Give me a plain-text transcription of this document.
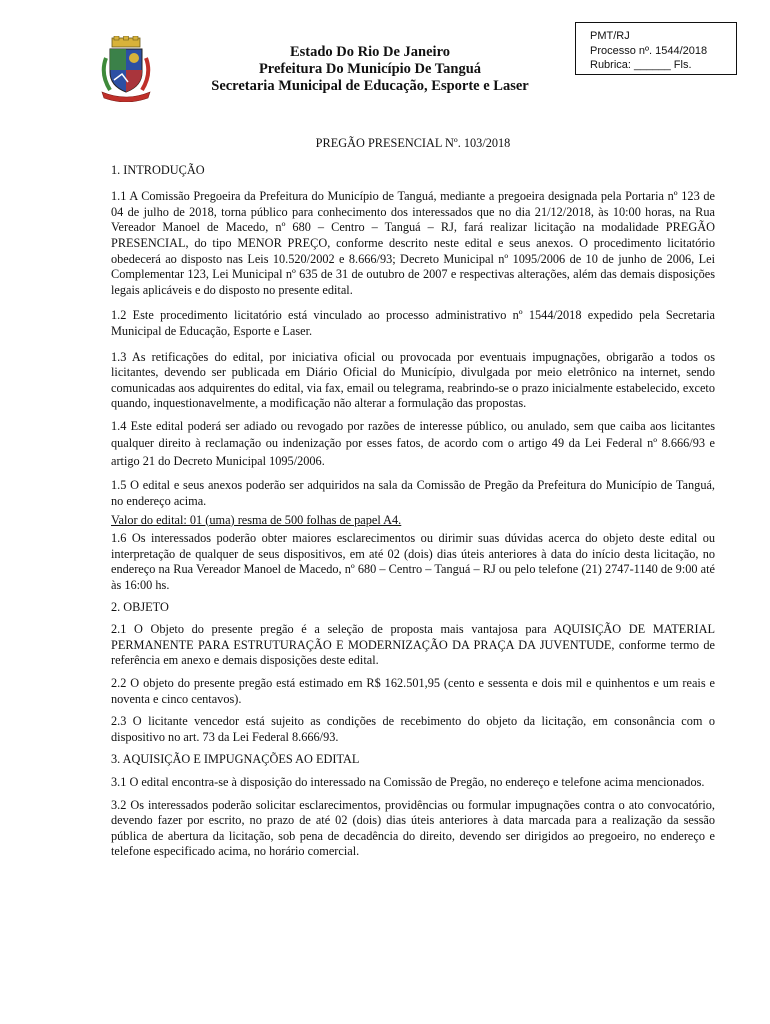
Estado Do Rio De Janeiro
Prefeitura Do Município De Tanguá
Secretaria Municipal de Educação, Esporte e Laser
PMT/RJ
Processo nº. 1544/2018
Rubrica: ______ Fls.
PREGÃO PRESENCIAL Nº. 103/2018
1. INTRODUÇÃO

1.1 A Comissão Pregoeira da Prefeitura do Município de Tanguá, mediante a pregoeira designada pela Portaria nº 123 de 04 de julho de 2018, torna público para conhecimento dos interessados que no dia 21/12/2018, às 10:00 horas, na Rua Vereador Manoel de Macedo, nº 680 – Centro – Tanguá – RJ, fará realizar licitação na modalidade PREGÃO PRESENCIAL, do tipo MENOR PREÇO, conforme descrito neste edital e seus anexos. O procedimento licitatório obedecerá ao disposto nas Leis 10.520/2002 e 8.666/93; Decreto Municipal nº 1095/2006 de 10 de junho de 2006, Lei Complementar 123, Lei Municipal nº 635 de 31 de outubro de 2007 e respectivas alterações, além das demais disposições legais aplicáveis e do disposto no presente edital.

1.2 Este procedimento licitatório está vinculado ao processo administrativo nº 1544/2018 expedido pela Secretaria Municipal de Educação, Esporte e Laser.

1.3 As retificações do edital, por iniciativa oficial ou provocada por eventuais impugnações, obrigarão a todos os licitantes, devendo ser publicada em Diário Oficial do Município, divulgada por meio eletrônico na internet, sendo comunicadas aos adquirentes do edital, via fax, email ou telegrama, reabrindo-se o prazo inicialmente estabelecido, exceto quando, inquestionavelmente, a modificação não alterar a formulação das propostas.

1.4 Este edital poderá ser adiado ou revogado por razões de interesse público, ou anulado, sem que caiba aos licitantes qualquer direito à reclamação ou indenização por esses fatos, de acordo com o artigo 49 da Lei Federal nº 8.666/93 e artigo 21 do Decreto Municipal 1095/2006.

1.5 O edital e seus anexos poderão ser adquiridos na sala da Comissão de Pregão da Prefeitura do Município de Tanguá, no endereço acima.

Valor do edital: 01 (uma) resma de 500 folhas de papel A4.

1.6 Os interessados poderão obter maiores esclarecimentos ou dirimir suas dúvidas acerca do objeto deste edital ou interpretação de qualquer de seus dispositivos, em até 02 (dois) dias úteis anteriores à data do início desta licitação, no endereço na Rua Vereador Manoel de Macedo, nº 680 – Centro – Tanguá – RJ ou pelo telefone (21) 2747-1140 de 9:00 até às 16:00 hs.

2. OBJETO

2.1 O Objeto do presente pregão é a seleção de proposta mais vantajosa para AQUISIÇÃO DE MATERIAL PERMANENTE PARA ESTRUTURAÇÃO E MODERNIZAÇÃO DA PRAÇA DA JUVENTUDE, conforme termo de referência em anexo e demais disposições deste edital.

2.2 O objeto do presente pregão está estimado em R$ 162.501,95 (cento e sessenta e dois mil e quinhentos e um reais e noventa e cinco centavos).

2.3 O licitante vencedor está sujeito as condições de recebimento do objeto da licitação, em consonância com o dispositivo no art. 73 da Lei Federal 8.666/93.

3. AQUISIÇÃO E IMPUGNAÇÕES AO EDITAL

3.1 O edital encontra-se à disposição do interessado na Comissão de Pregão, no endereço e telefone acima mencionados.

3.2 Os interessados poderão solicitar esclarecimentos, providências ou formular impugnações contra o ato convocatório, devendo fazer por escrito, no prazo de até 02 (dois) dias úteis anteriores à data marcada para a realização da sessão pública de abertura da licitação, sob pena de decadência do direito, devendo ser dirigidos ao pregoeiro, no endereço e telefone especificado acima, no horário comercial.
